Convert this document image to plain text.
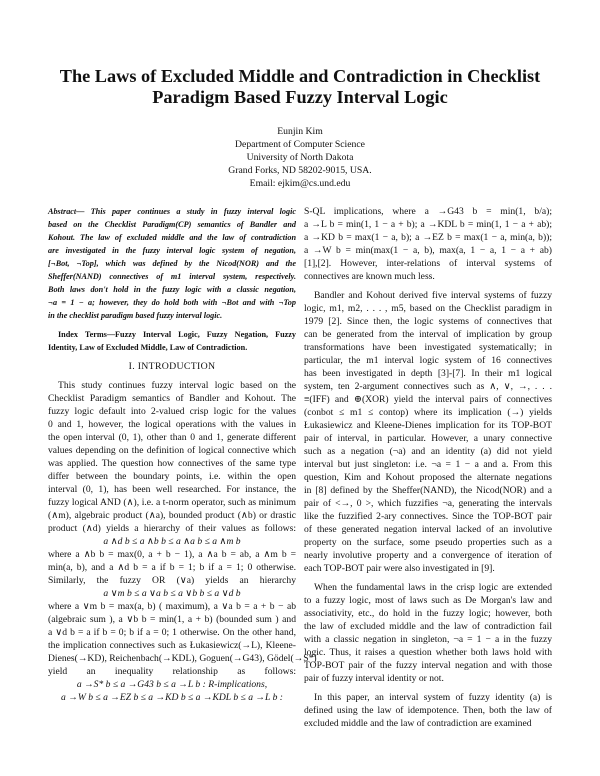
The Laws of Excluded Middle and Contradiction in Checklist
Paradigm Based Fuzzy Interval Logic
Eunjin Kim
Department of Computer Science
University of North Dakota
Grand Forks, ND 58202-9015, USA.
Email: ejkim@cs.und.edu
Abstract— This paper continues a study in fuzzy interval logic
based on the Checklist Paradigm(CP) semantics of Bandler and
Kohout. The law of excluded middle and the law of contradiction
are investigated in the fuzzy interval logic system of negation,
[¬Bot, ¬Top], which was defined by the Nicod(NOR) and the
Sheffer(NAND) connectives of m1 interval system, respectively.
Both laws don't hold in the fuzzy logic with a classic negation,
¬a = 1 − a; however, they do hold both with ¬Bot and with ¬Top
in the checklist paradigm based fuzzy interval logic.
Index Terms—Fuzzy Interval Logic, Fuzzy Negation, Fuzzy
Identity, Law of Excluded Middle, Law of Contradiction.
I. INTRODUCTION
This study continues fuzzy interval logic based on the
Checklist Paradigm semantics of Bandler and Kohout. The
fuzzy logic default into 2-valued crisp logic for the values
0 and 1, however, the logical operations with the values in
the open interval (0, 1), other than 0 and 1, generate different
values depending on the definition of logical connective which
was applied. The question how connectives of the same type
differ between the boundary points, i.e. within the open
interval (0, 1), has been well researched. For instance, the
fuzzy logical AND (∧), i.e. a t-norm operator, such as minimum
(∧m), algebraic product (∧a), bounded product (∧b) or drastic
product (∧d) yields a hierarchy of their values as follows:
a ∧d b ≤ a ∧b b ≤ a ∧a b ≤ a ∧m b
where a ∧b b = max(0, a + b − 1), a ∧a b = ab, a ∧m b =
min(a, b), and a ∧d b = a if b = 1; b if a = 1; 0 otherwise.
Similarly, the fuzzy OR (∨a) yields an hierarchy
a ∨m b ≤ a ∨a b ≤ a ∨b b ≤ a ∨d b
where a ∨m b = max(a, b) ( maximum), a ∨a b = a + b − ab
(algebraic sum ), a ∨b b = min(1, a + b) (bounded sum ) and
a ∨d b = a if b = 0; b if a = 0; 1 otherwise. On the other hand,
the implication connectives such as Łukasiewicz(→L), Kleene-
Dienes(→KD), Reichenbach(→KDL), Goguen(→G43), Gödel(→S*)
yield an inequality relationship as follows:
a →S* b ≤ a →G43 b ≤ a →L b : R-implications,
a →W b ≤ a →EZ b ≤ a →KD b ≤ a →KDL b ≤ a →L b :
S-QL implications, where a →G43 b = min(1, b/a);
a →L b = min(1, 1 − a + b); a →KDL b = min(1, 1 − a + ab);
a →KD b = max(1 − a, b); a →EZ b = max(1 − a, min(a, b));
a →W b = min(max(1 − a, b), max(a, 1 − a, 1 − a + ab)
[1],[2]. However, inter-relations of interval systems of
connectives are known much less.
Bandler and Kohout derived five interval systems of fuzzy
logic, m1, m2, . . . , m5, based on the Checklist paradigm in
1979 [2]. Since then, the logic systems of connectives that
can be generated from the interval of implication by group
transformations have been investigated systematically; in
particular, the m1 interval logic system of 16 connectives
has been investigated in depth [3]-[7]. In their m1 logical
system, ten 2-argument connectives such as ∧, ∨, →, . . .
≡(IFF) and ⊕(XOR) yield the interval pairs of connectives
(conbot ≤ m1 ≤ contop) where its implication (→) yields
Łukasiewicz and Kleene-Dienes implication for its TOP-BOT
pair of interval, in particular. However, a unary connective
such as a negation (¬a) and an identity (a) did not yield
interval but just singleton: i.e. ¬a = 1 − a and a. From this
question, Kim and Kohout proposed the alternate negations
in [8] defined by the Sheffer(NAND), the Nicod(NOR) and a
pair of <→, 0 >, which fuzzifies ¬a, generating the intervals
like the fuzzified 2-ary connectives. Since the TOP-BOT pair
of these generated negation interval lacked of an involutive
property on the surface, some pseudo properties such as a
nearly involutive property and a convergence of iteration of
each TOP-BOT pair were also investigated in [9].
When the fundamental laws in the crisp logic are extended
to a fuzzy logic, most of laws such as De Morgan's law and
associativity, etc., do hold in the fuzzy logic; however, both
the law of excluded middle and the law of contradiction fail
with a classic negation in singleton, ¬a = 1 − a in the fuzzy
logic. Thus, it raises a question whether both laws hold with
TOP-BOT pair of the fuzzy interval negation and with those
pair of fuzzy interval identity or not.
In this paper, an interval system of fuzzy identity (a) is
defined using the law of idempotence. Then, both the law of
excluded middle and the law of contradiction are examined
